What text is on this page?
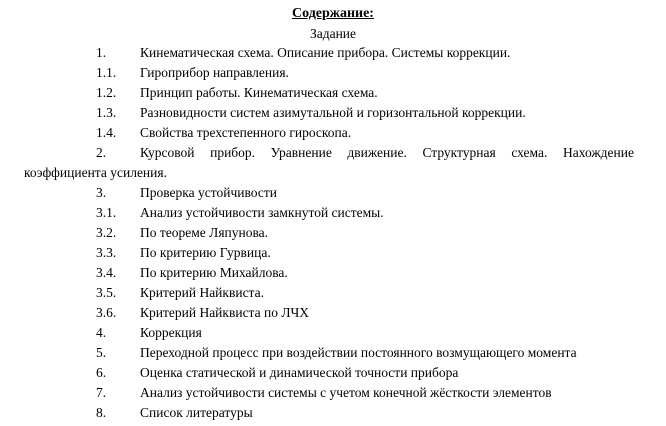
Содержание:
Задание
1.	Кинематическая схема. Описание прибора. Системы коррекции.
1.1. Гироприбор направления.
1.2. Принцип работы. Кинематическая схема.
1.3. Разновидности систем азимутальной и горизонтальной коррекции.
1.4. Свойства трехстепенного гироскопа.
2.	Курсовой прибор. Уравнение движение. Структурная схема. Нахождение
коэффициента усиления.
3.	Проверка устойчивости
3.1. Анализ устойчивости замкнутой системы.
3.2. По теореме Ляпунова.
3.3. По критерию Гурвица.
3.4. По критерию Михайлова.
3.5. Критерий Найквиста.
3.6. Критерий Найквиста по ЛЧХ
4.	Коррекция
5.	Переходной процесс при воздействии постоянного возмущающего момента
6.	Оценка статической и динамической точности прибора
7.	Анализ устойчивости системы с учетом конечной жёсткости элементов
8.	Список литературы
